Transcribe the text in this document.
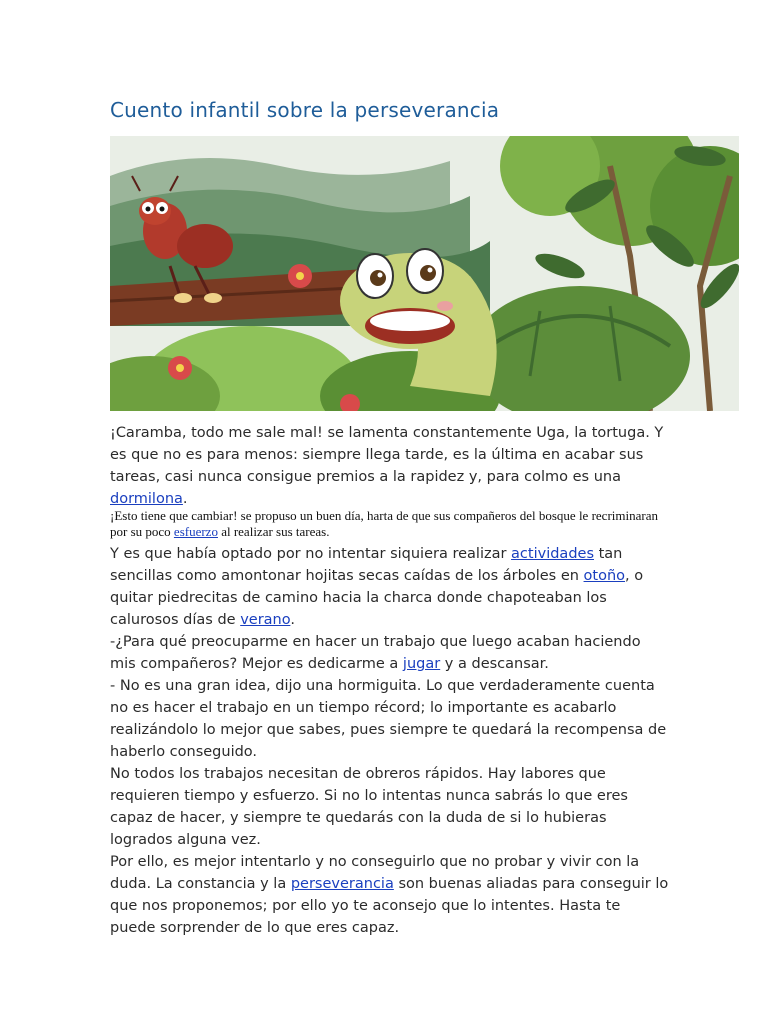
Cuento infantil sobre la perseverancia

¡Caramba, todo me sale mal! se lamenta constantemente Uga, la tortuga. Y es que no es para menos: siempre llega tarde, es la última en acabar sus tareas, casi nunca consigue premios a la rapidez y, para colmo es una dormilona.

¡Esto tiene que cambiar! se propuso un buen día, harta de que sus compañeros del bosque le recriminaran por su poco esfuerzo al realizar sus tareas.

Y es que había optado por no intentar siquiera realizar actividades tan sencillas como amontonar hojitas secas caídas de los árboles en otoño, o quitar piedrecitas de camino hacia la charca donde chapoteaban los calurosos días de verano.

-¿Para qué preocuparme en hacer un trabajo que luego acaban haciendo mis compañeros? Mejor es dedicarme a jugar y a descansar.

- No es una gran idea, dijo una hormiguita. Lo que verdaderamente cuenta no es hacer el trabajo en un tiempo récord; lo importante es acabarlo realizándolo lo mejor que sabes, pues siempre te quedará la recompensa de haberlo conseguido.

No todos los trabajos necesitan de obreros rápidos. Hay labores que requieren tiempo y esfuerzo. Si no lo intentas nunca sabrás lo que eres capaz de hacer, y siempre te quedarás con la duda de si lo hubieras logrados alguna vez.

Por ello, es mejor intentarlo y no conseguirlo que no probar y vivir con la duda. La constancia y la perseverancia son buenas aliadas para conseguir lo que nos proponemos; por ello yo te aconsejo que lo intentes. Hasta te puede sorprender de lo que eres capaz.
